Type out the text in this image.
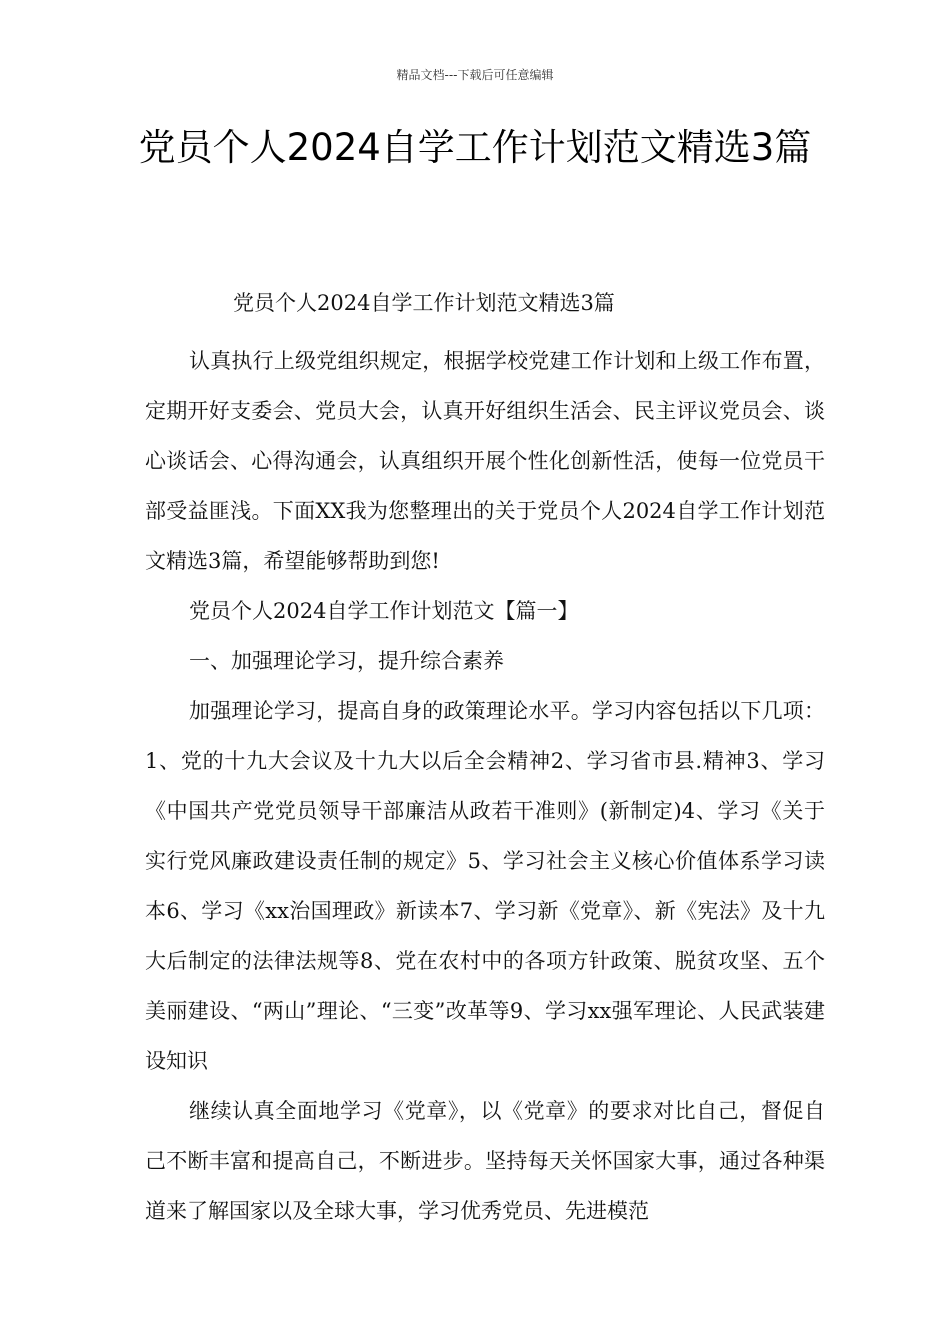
精品文档---下载后可任意编辑
党员个人2024自学工作计划范文精选3篇

党员个人2024自学工作计划范文精选3篇

认真执行上级党组织规定，根据学校党建工作计划和上级工作布置，定期开好支委会、党员大会，认真开好组织生活会、民主评议党员会、谈心谈话会、心得沟通会，认真组织开展个性化创新性活，使每一位党员干部受益匪浅。下面XX我为您整理出的关于党员个人2024自学工作计划范文精选3篇，希望能够帮助到您!

党员个人2024自学工作计划范文【篇一】

一、加强理论学习，提升综合素养

加强理论学习，提高自身的政策理论水平。学习内容包括以下几项：1、党的十九大会议及十九大以后全会精神2、学习省市县.精神3、学习《中国共产党党员领导干部廉洁从政若干准则》(新制定)4、学习《关于实行党风廉政建设责任制的规定》5、学习社会主义核心价值体系学习读本6、学习《xx治国理政》新读本7、学习新《党章》、新《宪法》及十九大后制定的法律法规等8、党在农村中的各项方针政策、脱贫攻坚、五个美丽建设、“两山”理论、“三变”改革等9、学习xx强军理论、人民武装建设知识

继续认真全面地学习《党章》，以《党章》的要求对比自己，督促自己不断丰富和提高自己，不断进步。坚持每天关怀国家大事，通过各种渠道来了解国家以及全球大事，学习优秀党员、先进模范
